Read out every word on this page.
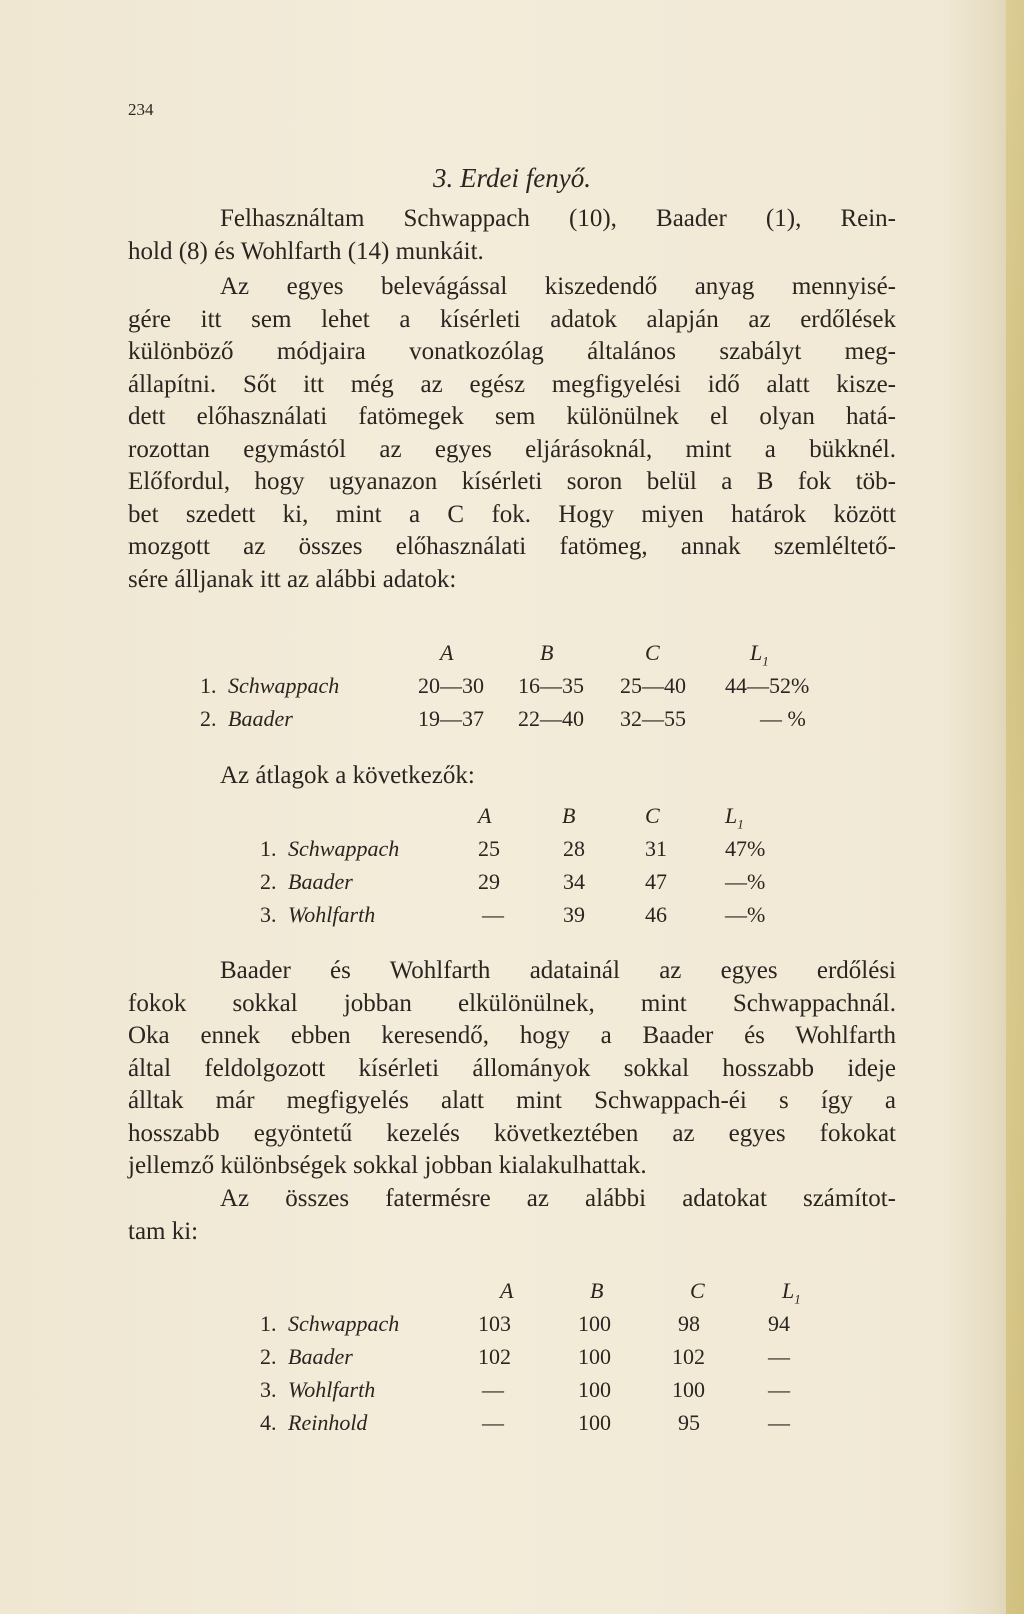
234
3. Erdei fenyő.
Felhasználtam Schwappach (10), Baader (1), Rein-
hold (8) és Wohlfarth (14) munkáit.
Az egyes belevágással kiszedendő anyag mennyisé-
gére itt sem lehet a kísérleti adatok alapján az erdőlések
különböző módjaira vonatkozólag általános szabályt meg-
állapítni. Sőt itt még az egész megfigyelési idő alatt kisze-
dett előhasználati fatömegek sem különülnek el olyan hatá-
rozottan egymástól az egyes eljárásoknál, mint a bükknél.
Előfordul, hogy ugyanazon kísérleti soron belül a B fok töb-
bet szedett ki, mint a C fok. Hogy miyen határok között
mozgott az összes előhasználati fatömeg, annak szemléltető-
sére álljanak itt az alábbi adatok:
A	B	C	$L_1$
1. Schwappach	20—30 16—35 25—40 44—52%
2. Baader	19—37 22—40 32—55	— %
Az átlagok a következők:
A	B	C	$L_1$
1. Schwappach	25	28	31	47%
2. Baader	29	34	47	—%
3. Wohlfarth	—	39	46	—%
Baader és Wohlfarth adatainál az egyes erdőlési
fokok sokkal jobban elkülönülnek, mint Schwappachnál.
Oka ennek ebben keresendő, hogy a Baader és Wohlfarth
által feldolgozott kísérleti állományok sokkal hosszabb ideje
álltak már megfigyelés alatt mint Schwappach-éi s így a
hosszabb egyöntetű kezelés következtében az egyes fokokat
jellemző különbségek sokkal jobban kialakulhattak.
Az összes fatermésre az alábbi adatokat számítot-
tam ki:
A	B	C	$L_1$
1. Schwappach	103	100	98	94
2. Baader	102	100	102	—
3. Wohlfarth	—	100	100	—
4. Reinhold	—	100	95	—
